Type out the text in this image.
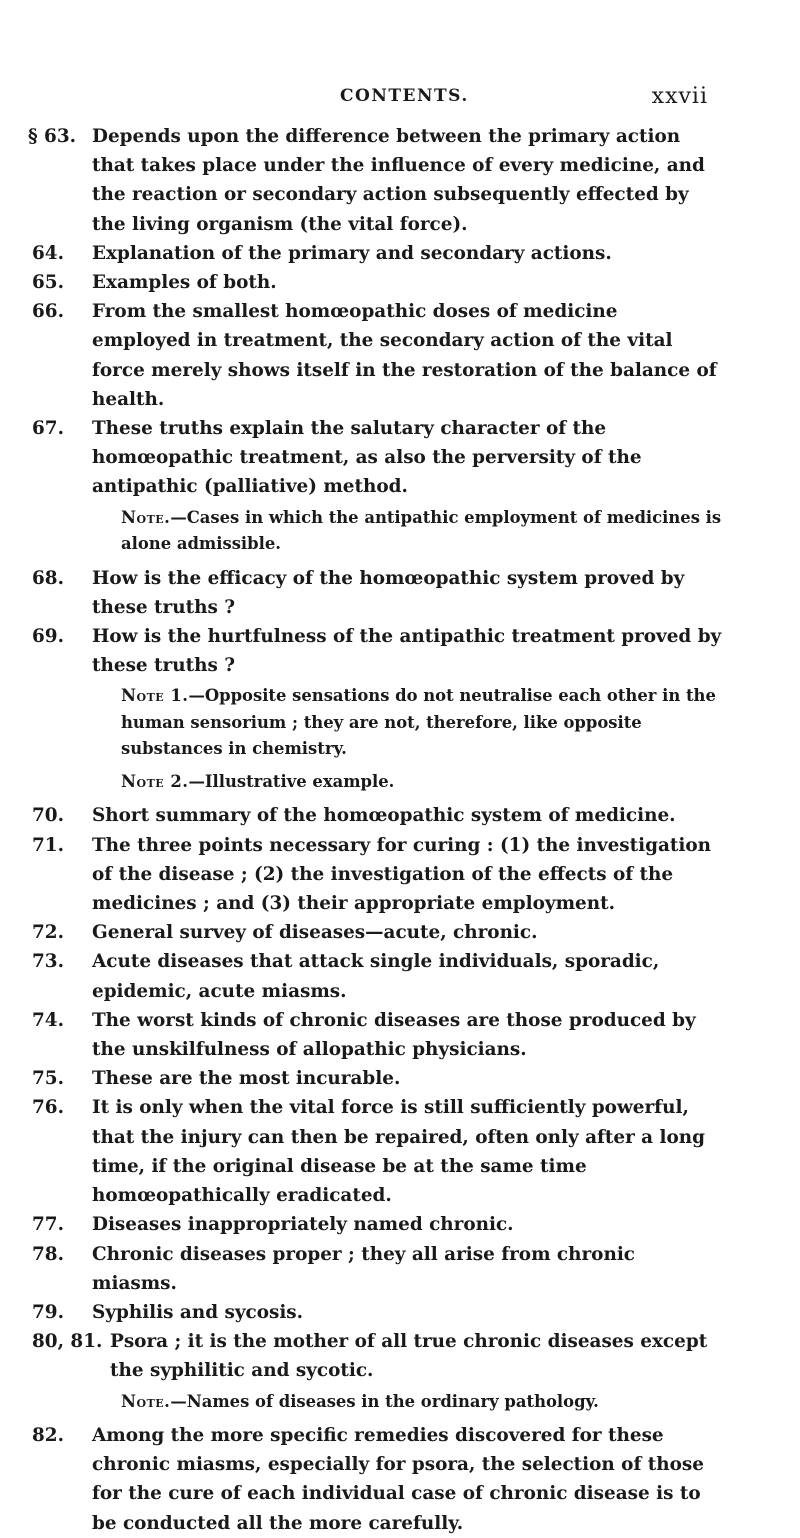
CONTENTS.	xxvii

§ 63. Depends upon the difference between the primary action that takes place under the influence of every medicine, and the reaction or secondary action subsequently effected by the living organism (the vital force).

64.	Explanation of the primary and secondary actions.

65.	Examples of both.

66.	From the smallest homœopathic doses of medicine employed in treatment, the secondary action of the vital force merely shows itself in the restoration of the balance of health.

67.	These truths explain the salutary character of the homœopathic treatment, as also the perversity of the antipathic (palliative) method.

Note.—Cases in which the antipathic employment of medicines is alone admissible.

68.	How is the efficacy of the homœopathic system proved by these truths ?

69.	How is the hurtfulness of the antipathic treatment proved by these truths ?

Note 1.—Opposite sensations do not neutralise each other in the human sensorium ; they are not, therefore, like opposite substances in chemistry.

Note 2.—Illustrative example.

70.	Short summary of the homœopathic system of medicine.

71.	The three points necessary for curing : (1) the investigation of the disease ; (2) the investigation of the effects of the medicines ; and (3) their appropriate employment.

72.	General survey of diseases—acute, chronic.

73.	Acute diseases that attack single individuals, sporadic, epidemic, acute miasms.

74.	The worst kinds of chronic diseases are those produced by the unskilfulness of allopathic physicians.

75.	These are the most incurable.

76.	It is only when the vital force is still sufficiently powerful, that the injury can then be repaired, often only after a long time, if the original disease be at the same time homœopathically eradicated.

77.	Diseases inappropriately named chronic.

78.	Chronic diseases proper ; they all arise from chronic miasms.

79.	Syphilis and sycosis.

80, 81. Psora ; it is the mother of all true chronic diseases except the syphilitic and sycotic.

Note.—Names of diseases in the ordinary pathology.

82.	Among the more specific remedies discovered for these chronic miasms, especially for psora, the selection of those for the cure of each individual case of chronic disease is to be conducted all the more carefully.
